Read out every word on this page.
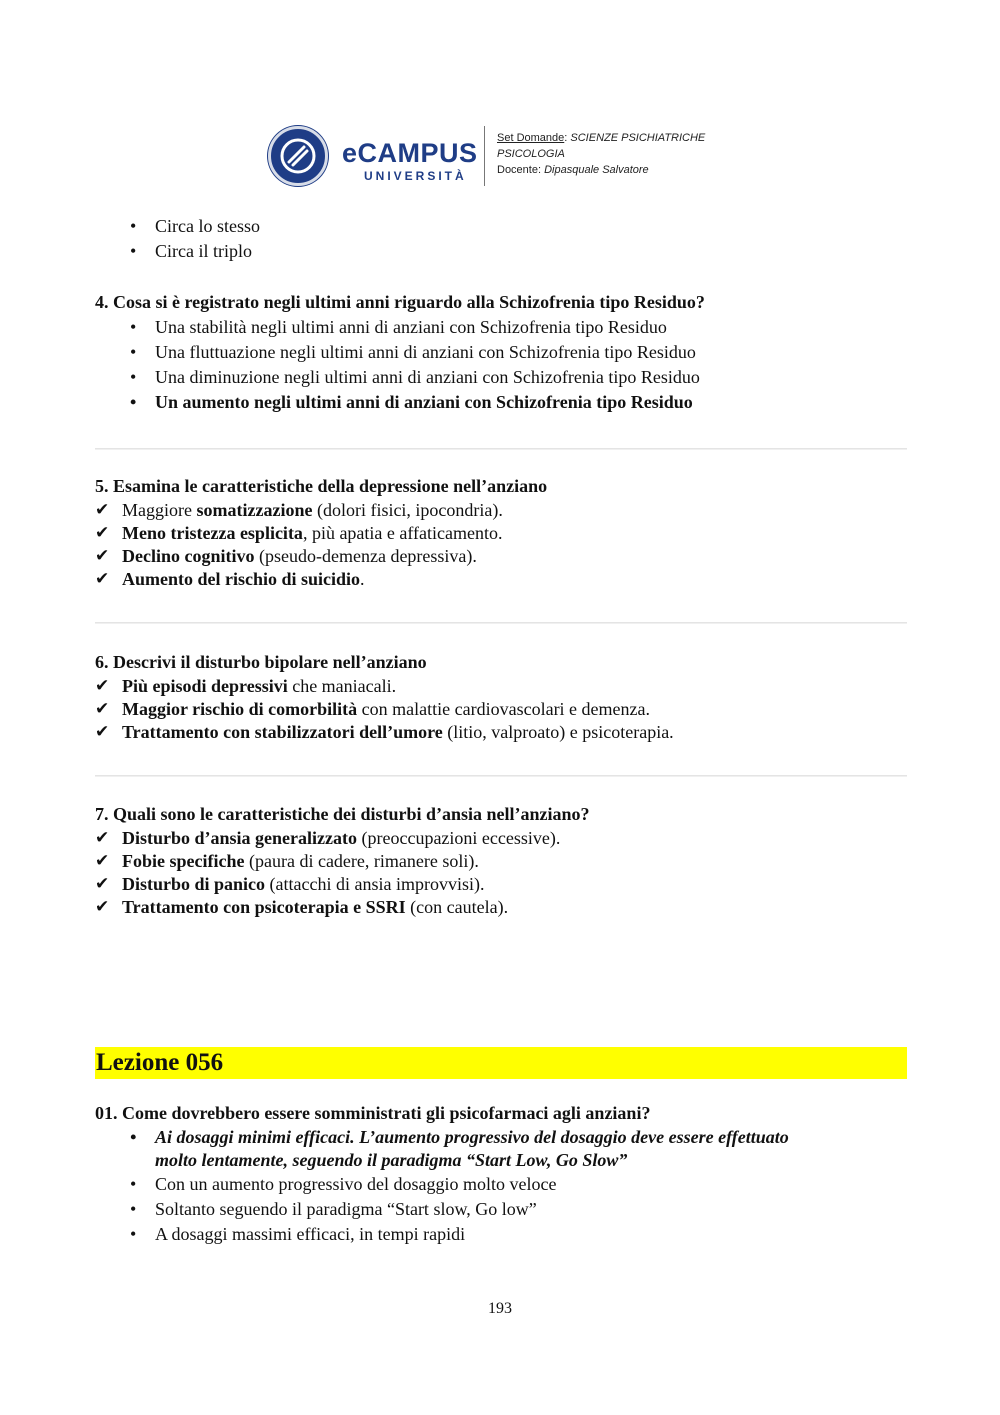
eCAMPUS
UNIVERSITÀ
Set Domande: SCIENZE PSICHIATRICHE
PSICOLOGIA
Docente: Dipasquale Salvatore
• Circa lo stesso
• Circa il triplo

4. Cosa si è registrato negli ultimi anni riguardo alla Schizofrenia tipo Residuo?

• Una stabilità negli ultimi anni di anziani con Schizofrenia tipo Residuo
• Una fluttuazione negli ultimi anni di anziani con Schizofrenia tipo Residuo
• Una diminuzione negli ultimi anni di anziani con Schizofrenia tipo Residuo
• Un aumento negli ultimi anni di anziani con Schizofrenia tipo Residuo

5. Esamina le caratteristiche della depressione nell’anziano

✔ Maggiore somatizzazione (dolori fisici, ipocondria).
✔ Meno tristezza esplicita, più apatia e affaticamento.
✔ Declino cognitivo (pseudo-demenza depressiva).
✔ Aumento del rischio di suicidio.

6. Descrivi il disturbo bipolare nell’anziano

✔ Più episodi depressivi che maniacali.
✔ Maggior rischio di comorbilità con malattie cardiovascolari e demenza.
✔ Trattamento con stabilizzatori dell’umore (litio, valproato) e psicoterapia.

7. Quali sono le caratteristiche dei disturbi d’ansia nell’anziano?

✔ Disturbo d’ansia generalizzato (preoccupazioni eccessive).
✔ Fobie specifiche (paura di cadere, rimanere soli).
✔ Disturbo di panico (attacchi di ansia improvvisi).
✔ Trattamento con psicoterapia e SSRI (con cautela).

Lezione 056

01. Come dovrebbero essere somministrati gli psicofarmaci agli anziani?

• Ai dosaggi minimi efficaci. L’aumento progressivo del dosaggio deve essere effettuato
molto lentamente, seguendo il paradigma “Start Low, Go Slow”
• Con un aumento progressivo del dosaggio molto veloce
• Soltanto seguendo il paradigma “Start slow, Go low”
• A dosaggi massimi efficaci, in tempi rapidi
193
